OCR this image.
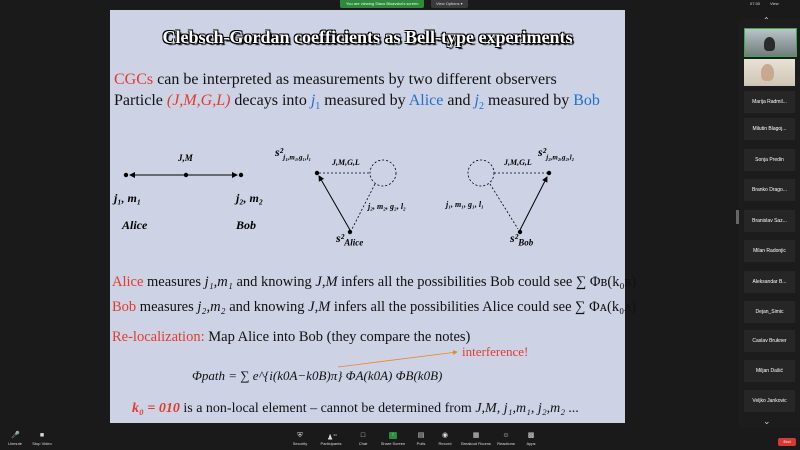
You are viewing Slavo Bioavska's screen	View Options ▾	07:30 View
Clebsch-Gordan coefficients as Bell-type experiments
CGCs can be interpreted as measurements by two different observers
Particle (J,M,G,L) decays into $j_1$ measured by Alice and $j_2$ measured by Bob
J,M
j₁, m₁	j₂, m₂
Alice	Bob
$s^2_{j_1,m_1,g_1,l_1}$
J,M,G,L
j₂, m₂, g₂, l₂
$s^2_{Alice}$
$s^2_{j_2,m_2,g_2,l_2}$
J,M,G,L
j₁, m₁, g₁, l₁
$s^2_{Bob}$
Alice measures j₁,m₁ and knowing J,M infers all the possibilities Bob could see ∑ Φʙ(k₀ʙ)
Bob measures j₂,m₂ and knowing J,M infers all the possibilities Alice could see ∑ Φᴀ(k₀ᴀ)
Re-localization: Map Alice into Bob (they compare the notes)
interference!
Φpath = ∑ e^{i(k0A−k0B)π} ΦA(k0A) ΦB(k0B)
k₀ = 010 is a non-local element – cannot be determined from J,M, j₁,m₁, j₂,m₂ ...
⌃
Marija Radmil...
Milutin Blagoj...
Sonja Predin
Branko Drago...
Branislav Saz...
Milan Radonjic
Aleksandar B...
Dejan_Simic
Caslav Brukner
Miljan Dašić
Veljko Jankovic
⌄
🎤
Unmute
■
Stop Video
⛨
Security
♟$^{34}$
Participants
□
Chat
↑
Share Screen
▤
Polls
◉
Record
▦
Breakout Rooms
☺
Reactions
▩
Apps	End
